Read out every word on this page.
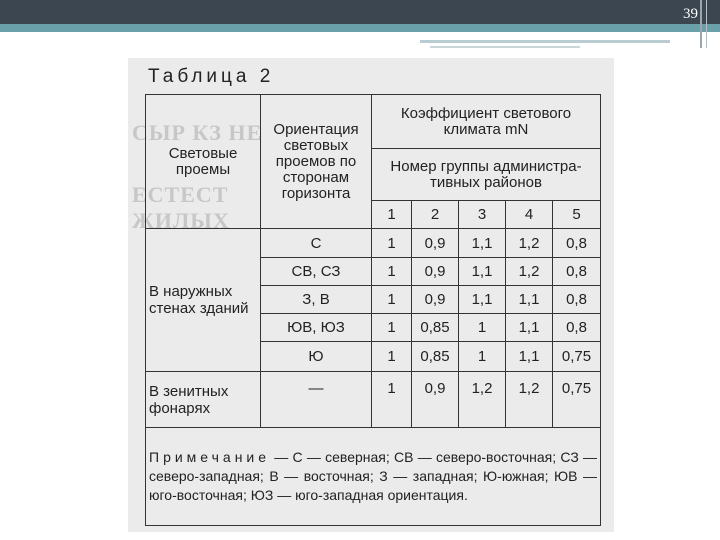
39
СЫР КЗ НЕ
ЕСТЕСТ
ЖИЛЫХ
Таблица 2
Световые проемы	Ориентация световых проемов по сторонам горизонта	Коэффициент светового климата mN				
		Номер группы администра-тивных районов				
		1	2	3	4	5
В наружных стенах зданий	С	1	0,9	1,1	1,2	0,8
	СВ, СЗ	1	0,9	1,1	1,2	0,8
	З, В	1	0,9	1,1	1,1	0,8
	ЮВ, ЮЗ	1	0,85	1	1,1	0,8
	Ю	1	0,85	1	1,1	0,75
В зенитных фонарях	—	1	0,9	1,2	1,2	0,75
Примечание — С — северная; СВ — северо-восточная; СЗ — северо-западная; В — восточная; З — западная; Ю-южная; ЮВ — юго-восточная; ЮЗ — юго-западная ориентация.						
